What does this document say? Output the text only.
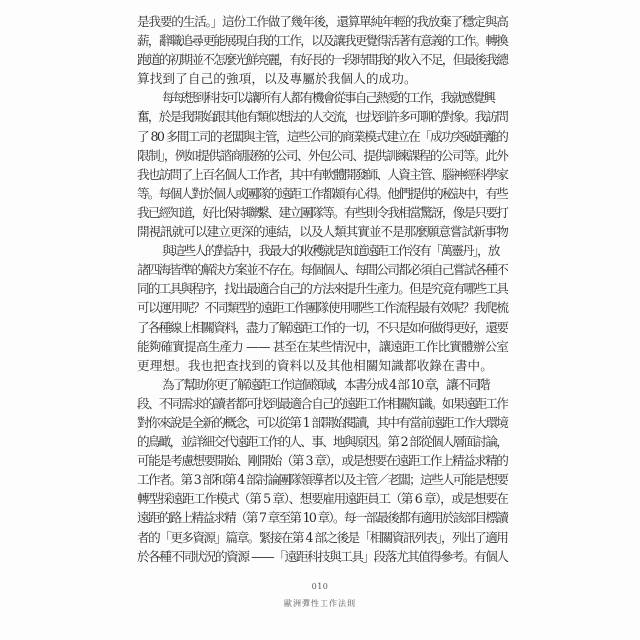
是我要的生活。」這份工作做了幾年後，還算單純年輕的我放棄了穩定與高
薪，辭職追尋更能展現自我的工作，以及讓我更覺得活著有意義的工作。轉換
跑道的初期並不怎麼光鮮亮麗，有好長的一段時間我的收入不足，但最後我總
算找到了自己的強項，以及專屬於我個人的成功。
每每想到科技可以讓所有人都有機會從事自己熱愛的工作，我就感覺興
奮，於是我開始跟其他有類似想法的人交流，也找到許多可聊的對象。我訪問
了 80 多間工司的老闆與主管，這些公司的商業模式建立在「成功突破距離的
限制」，例如提供諮商服務的公司、外包公司、提供訓練課程的公司等。此外
我也訪問了上百名個人工作者，其中有軟體開發師、人資主管、腦神經科學家
等。每個人對於個人或團隊的遠距工作都頗有心得。他們提供的秘訣中，有些
我已經知道，好比保持聯繫、建立團隊等。有些則令我相當驚訝，像是只要打
開視訊就可以建立更深的連結，以及人類其實並不是那麼願意嘗試新事物
與這些人的對話中，我最大的收穫就是知道遠距工作沒有「萬靈丹」，放
諸四海皆準的解決方案並不存在。每個個人、每間公司都必須自己嘗試各種不
同的工具與程序，找出最適合自己的方法來提升生產力。但是究竟有哪些工具
可以運用呢？不同類型的遠距工作團隊使用哪些工作流程最有效呢？我爬梳
了各種線上相關資料，盡力了解遠距工作的一切，不只是如何做得更好，還要
能夠確實提高生產力 —— 甚至在某些情況中，讓遠距工作比實體辦公室
更理想。我也把查找到的資料以及其他相關知識都收錄在書中。
為了幫助你更了解遠距工作這個領域，本書分成 4 部 10 章，讓不同階
段、不同需求的讀者都可找到最適合自己的遠距工作相關知識。如果遠距工作
對你來說是全新的概念，可以從第 1 部開始閱讀，其中有當前遠距工作大環境
的鳥瞰，並詳細交代遠距工作的人、事、地與原因。第 2 部從個人層面討論，
可能是考慮想要開始、剛開始（第 3 章），或是想要在遠距工作上精益求精的
工作者。第 3 部和第 4 部討論團隊領導者以及主管／老闆；這些人可能是想要
轉型採遠距工作模式（第 5 章）、想要雇用遠距員工（第 6 章），或是想要在
遠距的路上精益求精（第 7 章至第 10 章）。每一部最後都有適用於該部目標讀
者的「更多資源」篇章。緊接在第 4 部之後是「相關資訊列表」，列出了適用
於各種不同狀況的資源 ——「遠距科技與工具」段落尤其值得參考。有個人
010
歐洲彈性工作法則
